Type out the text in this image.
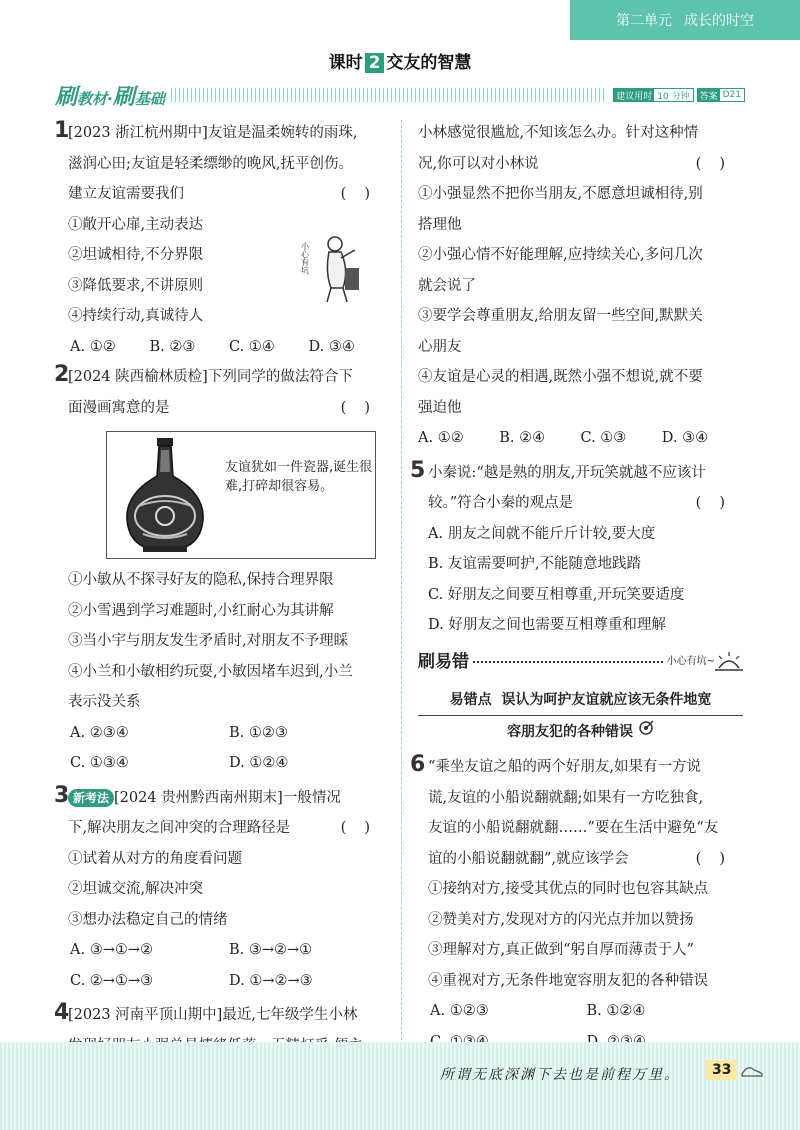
第二单元 成长的时空
课时 2 交友的智慧
刷教材·刷基础	建议用时 10 分钟	答案 D21
1
[2023 浙江杭州期中]友谊是温柔婉转的雨珠,
滋润心田;友谊是轻柔缥缈的晚风,抚平创伤。
建立友谊需要我们	()
①敞开心扉,主动表达
②坦诚相待,不分界限
③降低要求,不讲原则
④持续行动,真诚待人
A. ①②	B. ②③	C. ①④	D. ③④
小心有坑
2
[2024 陕西榆林质检]下列同学的做法符合下
面漫画寓意的是	()
友谊犹如一件瓷器,诞生很难,打碎却很容易。
①小敏从不探寻好友的隐私,保持合理界限
②小雪遇到学习难题时,小红耐心为其讲解
③当小宇与朋友发生矛盾时,对朋友不予理睬
④小兰和小敏相约玩耍,小敏因堵车迟到,小兰
表示没关系
A. ②③④	B. ①②③
C. ①③④	D. ①②④
3 新考法 [2024 贵州黔西南州期末]一般情况
下,解决朋友之间冲突的合理路径是	()
①试着从对方的角度看问题
②坦诚交流,解决冲突
③想办法稳定自己的情绪
A. ③→①→②	B. ③→②→①
C. ②→①→③	D. ①→②→③
4
[2023 河南平顶山期中]最近,七年级学生小林
小林感觉很尴尬,不知该怎么办。针对这种情
况,你可以对小林说	()
①小强显然不把你当朋友,不愿意坦诚相待,别
搭理他
②小强心情不好能理解,应持续关心,多问几次
就会说了
③要学会尊重朋友,给朋友留一些空间,默默关
心朋友
④友谊是心灵的相遇,既然小强不想说,就不要
强迫他
A. ①②	B. ②④	C. ①③	D. ③④
5 小秦说:“越是熟的朋友,开玩笑就越不应该计
较。”符合小秦的观点是	()
A. 朋友之间就不能斤斤计较,要大度
B. 友谊需要呵护,不能随意地践踏
C. 好朋友之间要互相尊重,开玩笑要适度
D. 好朋友之间也需要互相尊重和理解
刷易错	小心有坑~
易错点 误认为呵护友谊就应该无条件地宽
容朋友犯的各种错误
6 “乘坐友谊之船的两个好朋友,如果有一方说
谎,友谊的小船说翻就翻;如果有一方吃独食,
友谊的小船说翻就翻……”要在生活中避免“友
谊的小船说翻就翻”,就应该学会	()
①接纳对方,接受其优点的同时也包容其缺点
②赞美对方,发现对方的闪光点并加以赞扬
③理解对方,真正做到“躬自厚而薄责于人”
④重视对方,无条件地宽容朋友犯的各种错误
A. ①②③	B. ①②④
所谓无底深渊下去也是前程万里。	33
